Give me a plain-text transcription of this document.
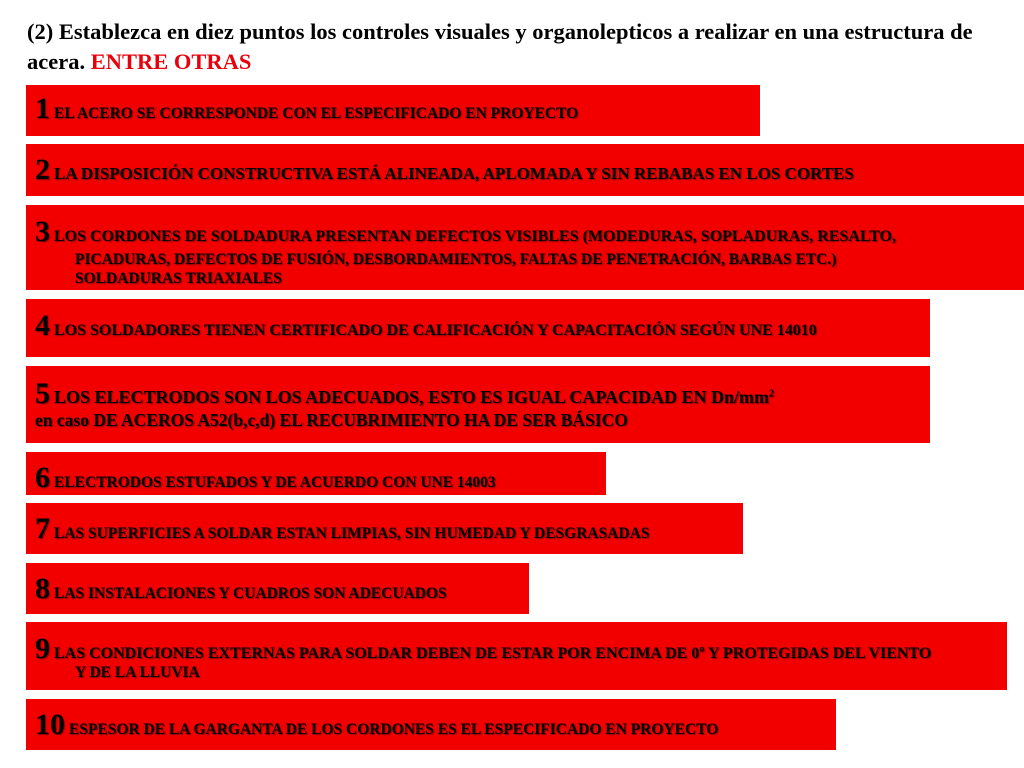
(2) Establezca en diez puntos los controles visuales y organolepticos a realizar en una estructura de acera. ENTRE OTRAS
1 EL ACERO SE CORRESPONDE CON EL ESPECIFICADO EN PROYECTO
2 LA DISPOSICIÓN CONSTRUCTIVA ESTÁ ALINEADA, APLOMADA Y SIN REBABAS EN LOS CORTES
3 LOS CORDONES DE SOLDADURA PRESENTAN DEFECTOS VISIBLES (MODEDURAS, SOPLADURAS, RESALTO,
PICADURAS, DEFECTOS DE FUSIÓN, DESBORDAMIENTOS, FALTAS DE PENETRACIÓN, BARBAS ETC.)
SOLDADURAS TRIAXIALES
4 LOS SOLDADORES TIENEN CERTIFICADO DE CALIFICACIÓN Y CAPACITACIÓN SEGÚN UNE 14010
5 LOS ELECTRODOS SON LOS ADECUADOS, ESTO ES IGUAL CAPACIDAD EN $Dn/mm^2$
en caso DE ACEROS A52(b,c,d) EL RECUBRIMIENTO HA DE SER BÁSICO
6 ELECTRODOS ESTUFADOS Y DE ACUERDO CON UNE 14003
7 LAS SUPERFICIES A SOLDAR ESTAN LIMPIAS, SIN HUMEDAD Y DESGRASADAS
8 LAS INSTALACIONES Y CUADROS SON ADECUADOS
9 LAS CONDICIONES EXTERNAS PARA SOLDAR DEBEN DE ESTAR POR ENCIMA DE 0º Y PROTEGIDAS DEL VIENTO
Y DE LA LLUVIA
10 ESPESOR DE LA GARGANTA DE LOS CORDONES ES EL ESPECIFICADO EN PROYECTO
